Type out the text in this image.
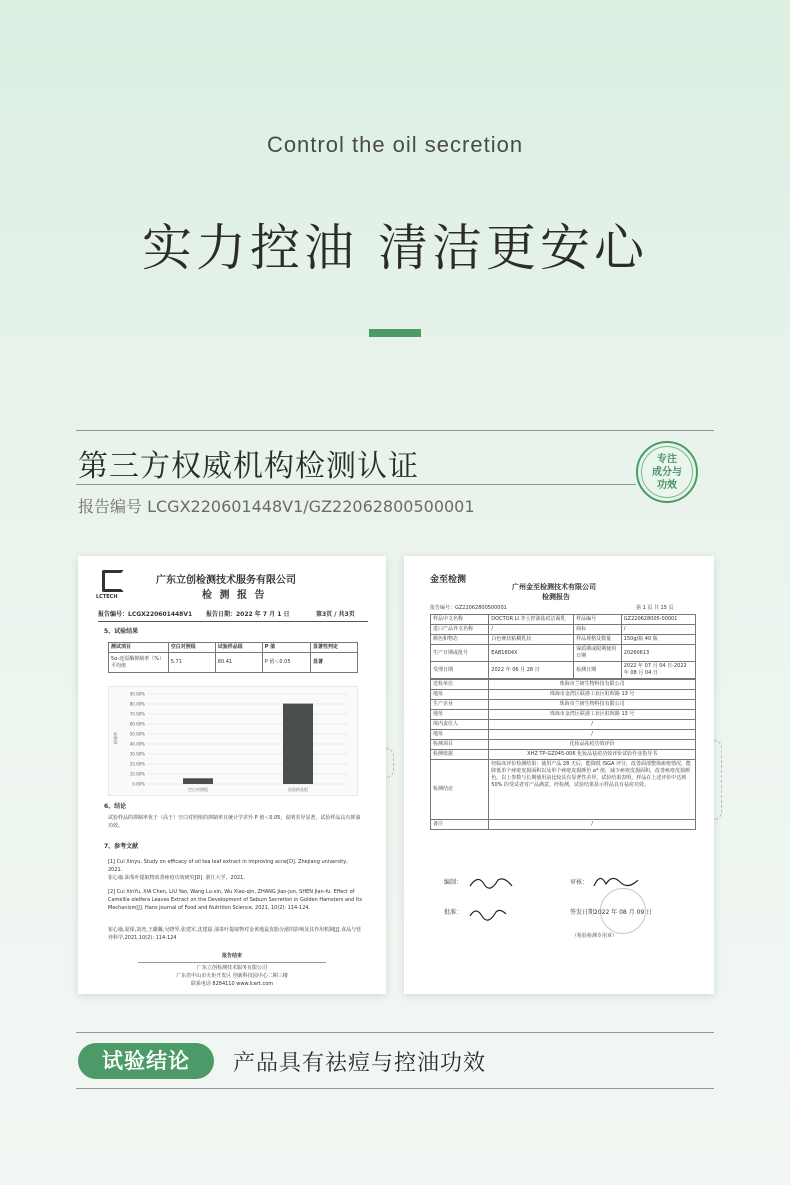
Control the oil secretion
实力控油 清洁更安心
第三方权威机构检测认证
报告编号 LCGX220601448V1/GZ22062800500001
专注
成分与
功效
LCTECH
广东立创检测技术服务有限公司
检 测 报 告
报告编号：LCGX220601448V1 报告日期：2022 年 7 月 1 日	第3页 / 共3页
5、试验结果
测试项目	空白对照组	试验样品组	P 值	显著性判定
5α-还原酶抑制率（%）平均值	5.71	80.41	P 值＜0.05	显著
90.00%
80.00%
70.00%
60.00%
50.00%
40.00%
30.00%
20.00%
10.00%
0.00%
抑制率
空白对照组	试验样品组
6、结论
试验样品的抑制率优于（高于）空白对照组的抑制率且统计学差异 P 值＜0.05，说明差异显著，试验样品具有抑油功效。
7、参考文献
[1] Cui Xinyu. Study on efficacy of oil tea leaf extract in improving acne[D]. Zhejiang university, 2021.
崔心瑜.油茶叶提取物改善痤疮功效研究[D]. 浙江大学，2021.
[2] Cui XinYu, XIA Chen, LIU Yao, Wang Lu-xin, Wu Xiao-qin, ZHANG Jian-jun, SHEN Jian-fu. Effect of Camellia oleifera Leaves Extract on the Development of Sebum Secretion in Golden Hamsters and Its Mechanism[J]. Hans Journal of Food and Nutrition Science, 2021, 10(2): 114-124.
崔心瑜,夏琛,刘尧,王璐馨,吴晓琴,张建军,沈建福.油茶叶提取物对金黄地鼠皮脂分泌的影响及其作用机制[J].食品与营养科学,2021,10(2): 114-124
报告结束
广东立创检测技术服务有限公司
广东省中山市火炬开发区 创新科技园中心二期三楼
联系电话 8284110 www.lcert.com
金至检测
广州金至检测技术有限公司
检测报告
报告编号：GZ22062800500001	第 1 页 共 15 页
样品中文名称	DOCTOR LI 李士控油祛痘洁面乳	样品编号	GZ220628005-00001
进口产品外文名称	/	商标	/
颜色和物态	白色膏状粘稠乳状	样品规格及数量	150g/瓶 40 瓶
生产日期或批号	EAB1604X	保质期或限期使用日期	20260613
受理日期	2022 年 06 月 28 日	检测日期	2022 年 07 月 04 日-2022 年 08 月 04 日
送检单位	珠海市兰研生物科技有限公司
地址	珠海市金湾区联港工业区虹晖路 13 号
生产企业	珠海市兰研生物科技有限公司
地址	珠海市金湾区联港工业区虹晖路 13 号
境内责任人	/
地址	/
检测项目	化妆品祛痘功效评价
检测依据	XHZ TP-GZ045-006 化妆品祛痘功效评价试验作业指导书
检测结论	经临床评价检测结果：使用产品 28 天后，能降低 ISGA 评分，改善面部整体痤疮情况，能降低单个痤疮皮损面积以及单个痤疮皮损颜色 a* 值，减少痤疮皮损面积，改善痤疮皮损颜色。以上参数与长期使用前比较具有显著性差异。试验结果表明，样品在上述评价中达到 50% 的受试者对产品满意。经检测，试验结果显示样品具有祛痘功效。
备注	/
编制：	审核：
批准：	签发日期：
2022 年 08 月 09 日
（检验检测专用章）
试验结论	产品具有祛痘与控油功效
